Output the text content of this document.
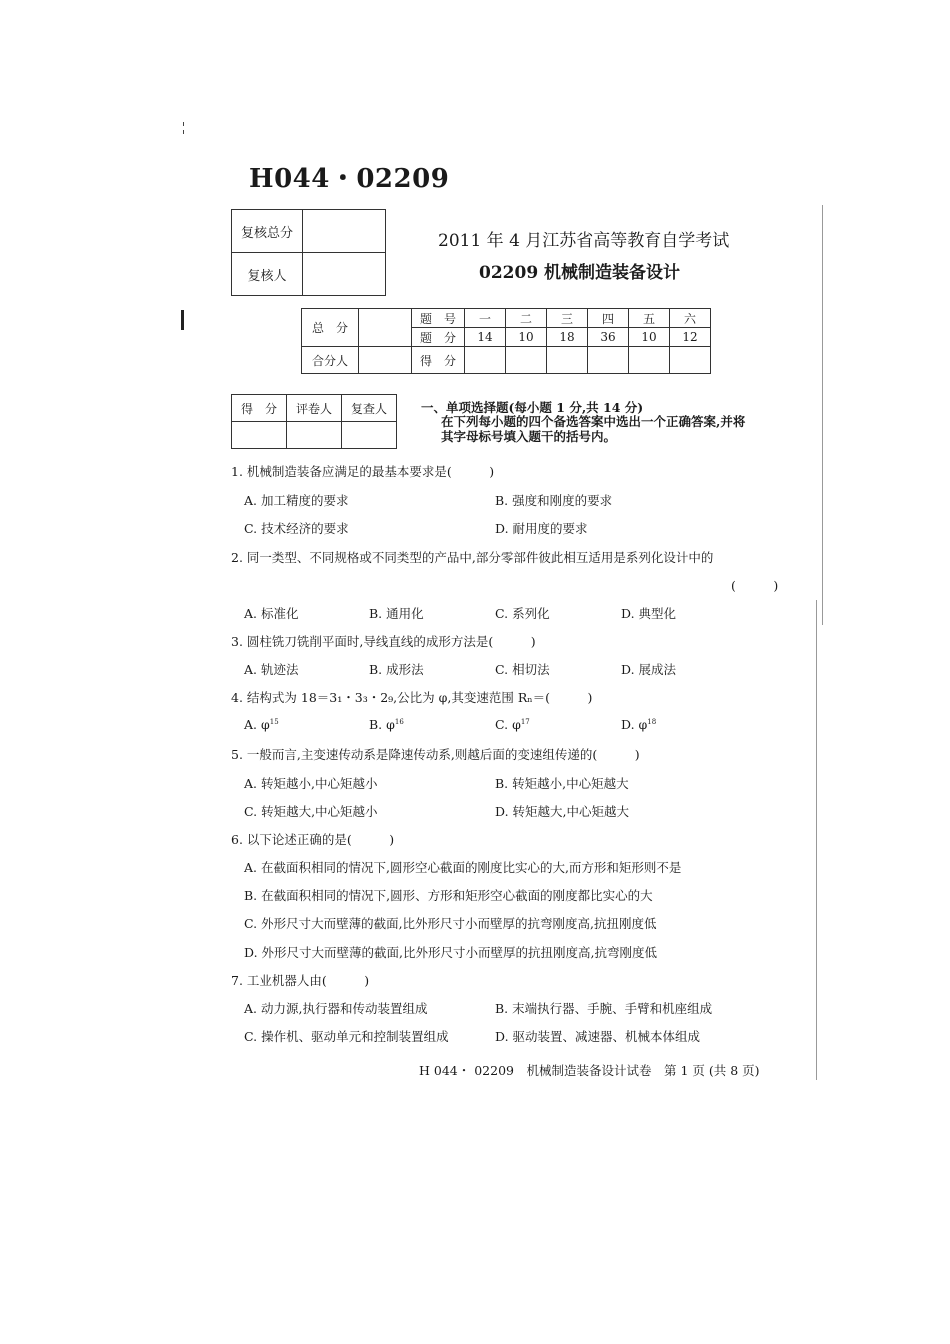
H044・02209
复核总分	
复核人	
2011 年 4 月江苏省高等教育自学考试
02209 机械制造装备设计
总　分		题　号	一	二	三	四	五	六
		题　分	14	10	18	36	10	12
合分人		得　分						
得　分	评卷人	复查人
			一、单项选择题(每小题 1 分,共 14 分)
在下列每小题的四个备选答案中选出一个正确答案,并将
其字母标号填入题干的括号内。
1. 机械制造装备应满足的最基本要求是(　　　)
A. 加工精度的要求	B. 强度和刚度的要求
C. 技术经济的要求	D. 耐用度的要求
2. 同一类型、不同规格或不同类型的产品中,部分零部件彼此相互适用是系列化设计中的
(　　　)
A. 标准化	B. 通用化	C. 系列化	D. 典型化
3. 圆柱铣刀铣削平面时,导线直线的成形方法是(　　　)
A. 轨迹法	B. 成形法	C. 相切法	D. 展成法
4. 结构式为 18＝3₁・3₃・2₉,公比为 φ,其变速范围 Rₙ＝(　　　)
A. $\varphi^{15}$	B. $\varphi^{16}$	C. $\varphi^{17}$	D. $\varphi^{18}$
5. 一般而言,主变速传动系是降速传动系,则越后面的变速组传递的(　　　)
A. 转矩越小,中心矩越小	B. 转矩越小,中心矩越大
C. 转矩越大,中心矩越小	D. 转矩越大,中心矩越大
6. 以下论述正确的是(　　　)
A. 在截面积相同的情况下,圆形空心截面的刚度比实心的大,而方形和矩形则不是
B. 在截面积相同的情况下,圆形、方形和矩形空心截面的刚度都比实心的大
C. 外形尺寸大而壁薄的截面,比外形尺寸小而壁厚的抗弯刚度高,抗扭刚度低
D. 外形尺寸大而壁薄的截面,比外形尺寸小而壁厚的抗扭刚度高,抗弯刚度低
7. 工业机器人由(　　　)
A. 动力源,执行器和传动装置组成	B. 末端执行器、手腕、手臂和机座组成
C. 操作机、驱动单元和控制装置组成	D. 驱动装置、减速器、机械本体组成
H 044・ 02209　机械制造装备设计试卷　第 1 页 (共 8 页)
